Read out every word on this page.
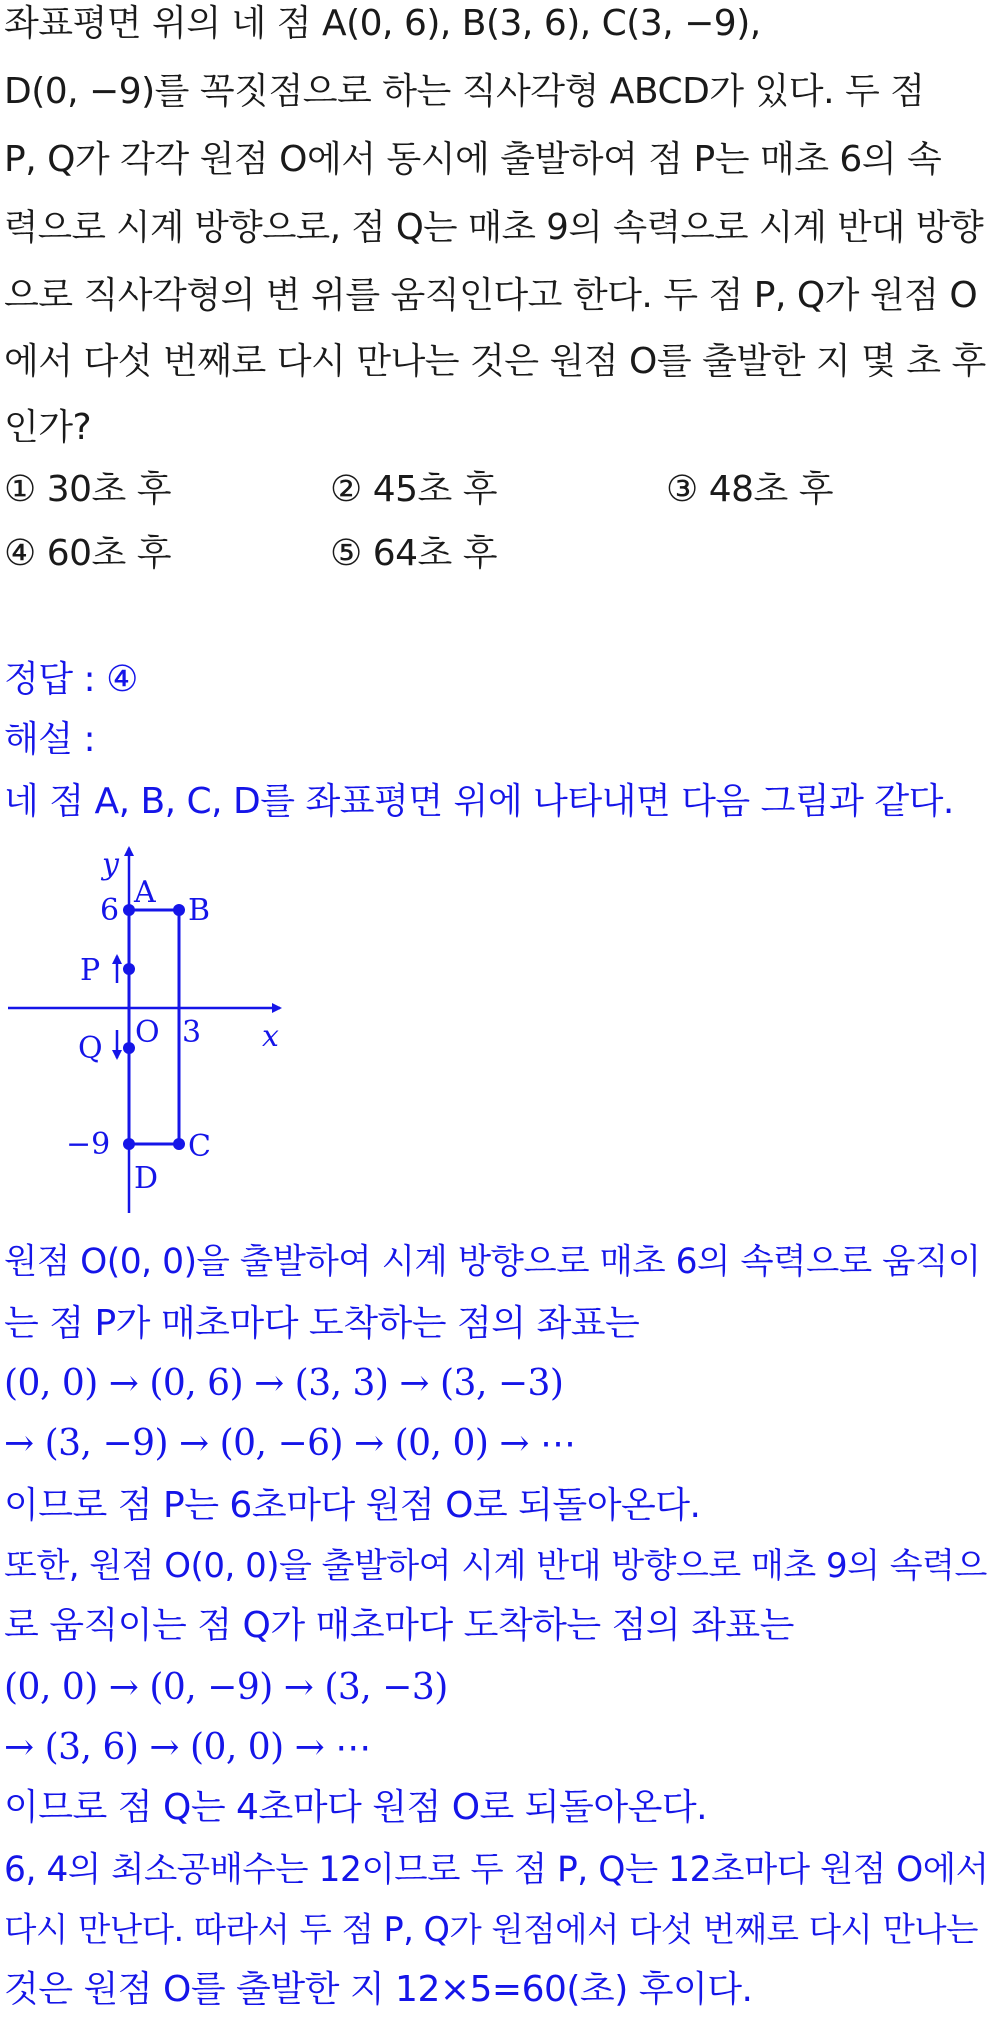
좌표평면 위의 네 점 A(0, 6), B(3, 6), C(3, −9),
D(0, −9)를 꼭짓점으로 하는 직사각형 ABCD가 있다. 두 점
P, Q가 각각 원점 O에서 동시에 출발하여 점 P는 매초 6의 속
력으로 시계 방향으로, 점 Q는 매초 9의 속력으로 시계 반대 방향
으로 직사각형의 변 위를 움직인다고 한다. 두 점 P, Q가 원점 O
에서 다섯 번째로 다시 만나는 것은 원점 O를 출발한 지 몇 초 후
인가?
① 30초 후	② 45초 후	③ 48초 후
④ 60초 후	⑤ 64초 후
정답 : ④
해설 :
네 점 A, B, C, D를 좌표평면 위에 나타내면 다음 그림과 같다.
y
x
A
B
C
D
P
Q O
6
3
−9
원점 O(0, 0)을 출발하여 시계 방향으로 매초 6의 속력으로 움직이
는 점 P가 매초마다 도착하는 점의 좌표는
(0, 0) → (0, 6) → (3, 3) → (3, −3)
→ (3, −9) → (0, −6) → (0, 0) → ⋯
이므로 점 P는 6초마다 원점 O로 되돌아온다.
또한, 원점 O(0, 0)을 출발하여 시계 반대 방향으로 매초 9의 속력으
로 움직이는 점 Q가 매초마다 도착하는 점의 좌표는
(0, 0) → (0, −9) → (3, −3)
→ (3, 6) → (0, 0) → ⋯
이므로 점 Q는 4초마다 원점 O로 되돌아온다.
6, 4의 최소공배수는 12이므로 두 점 P, Q는 12초마다 원점 O에서
다시 만난다. 따라서 두 점 P, Q가 원점에서 다섯 번째로 다시 만나는
것은 원점 O를 출발한 지 12×5=60(초) 후이다.
